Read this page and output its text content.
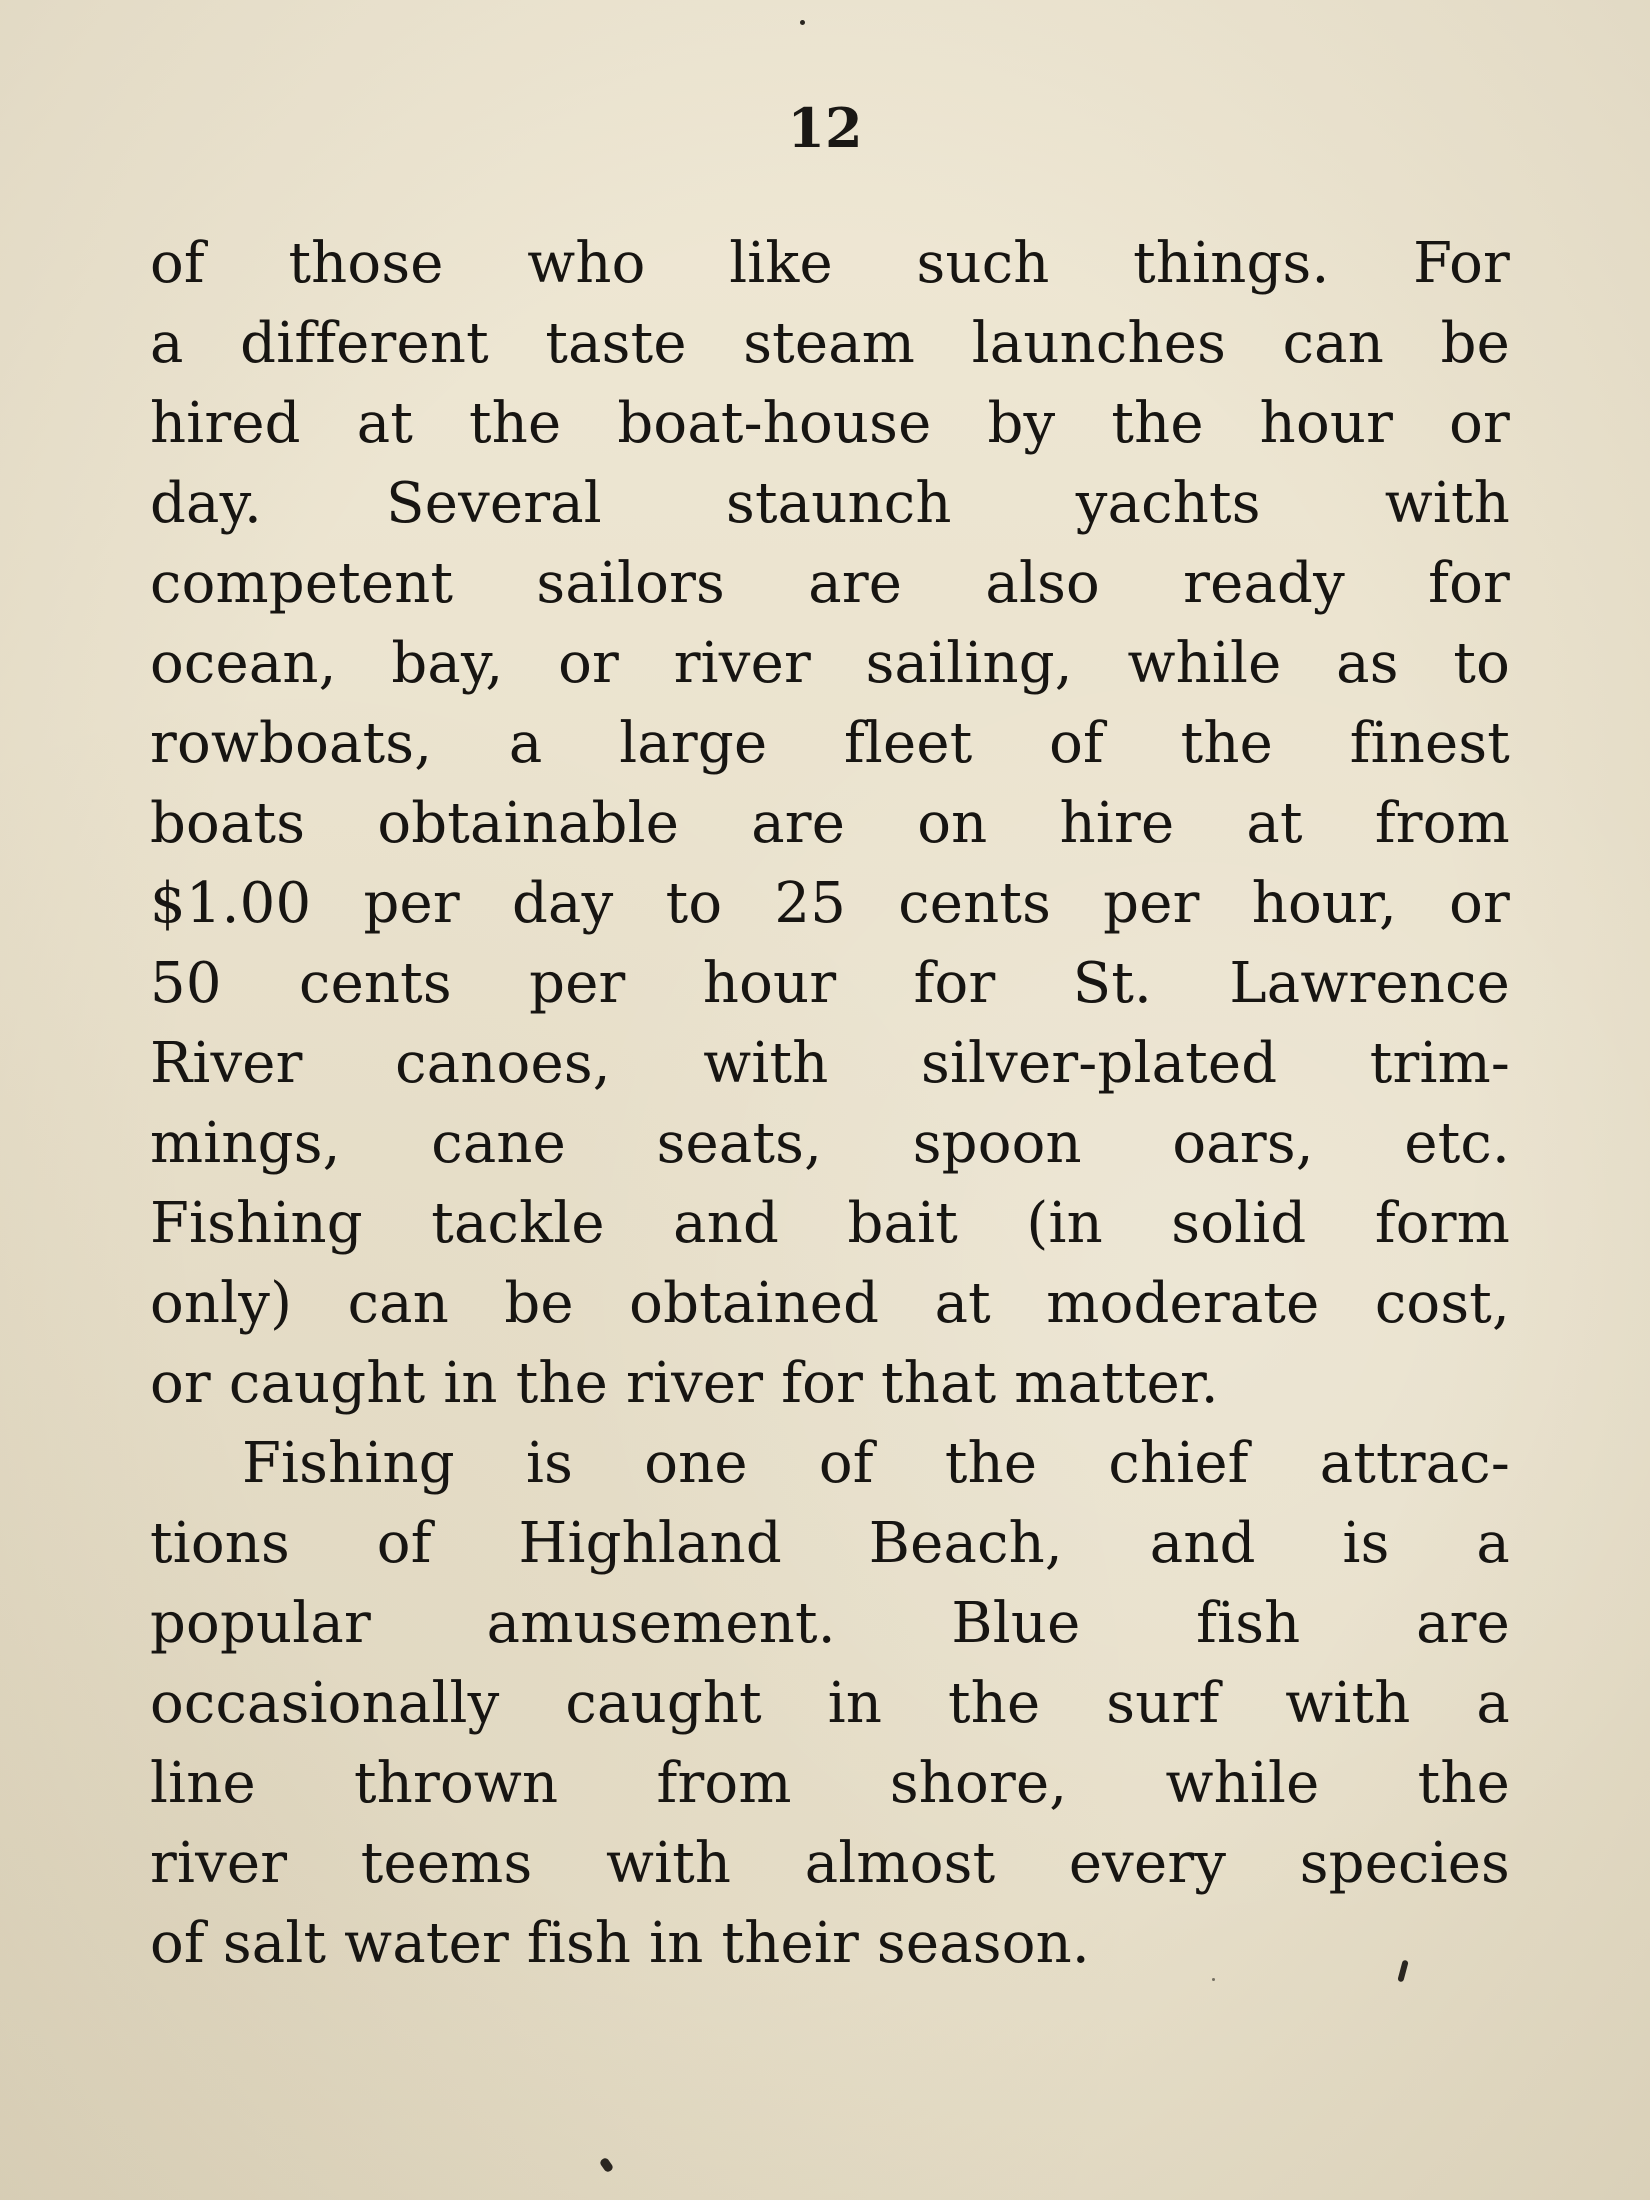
12
of those who like such things. For
a different taste steam launches can be
hired at the boat-house by the hour or
day. Several staunch yachts with
competent sailors are also ready for
ocean, bay, or river sailing, while as to
rowboats, a large fleet of the finest
boats obtainable are on hire at from
$1.00 per day to 25 cents per hour, or
50 cents per hour for St. Lawrence
River canoes, with silver-plated trim-
mings, cane seats, spoon oars, etc.
Fishing tackle and bait (in solid form
only) can be obtained at moderate cost,
or caught in the river for that matter.
Fishing is one of the chief attrac-
tions of Highland Beach, and is a
popular amusement. Blue fish are
occasionally caught in the surf with a
line thrown from shore, while the
river teems with almost every species
of salt water fish in their season.
